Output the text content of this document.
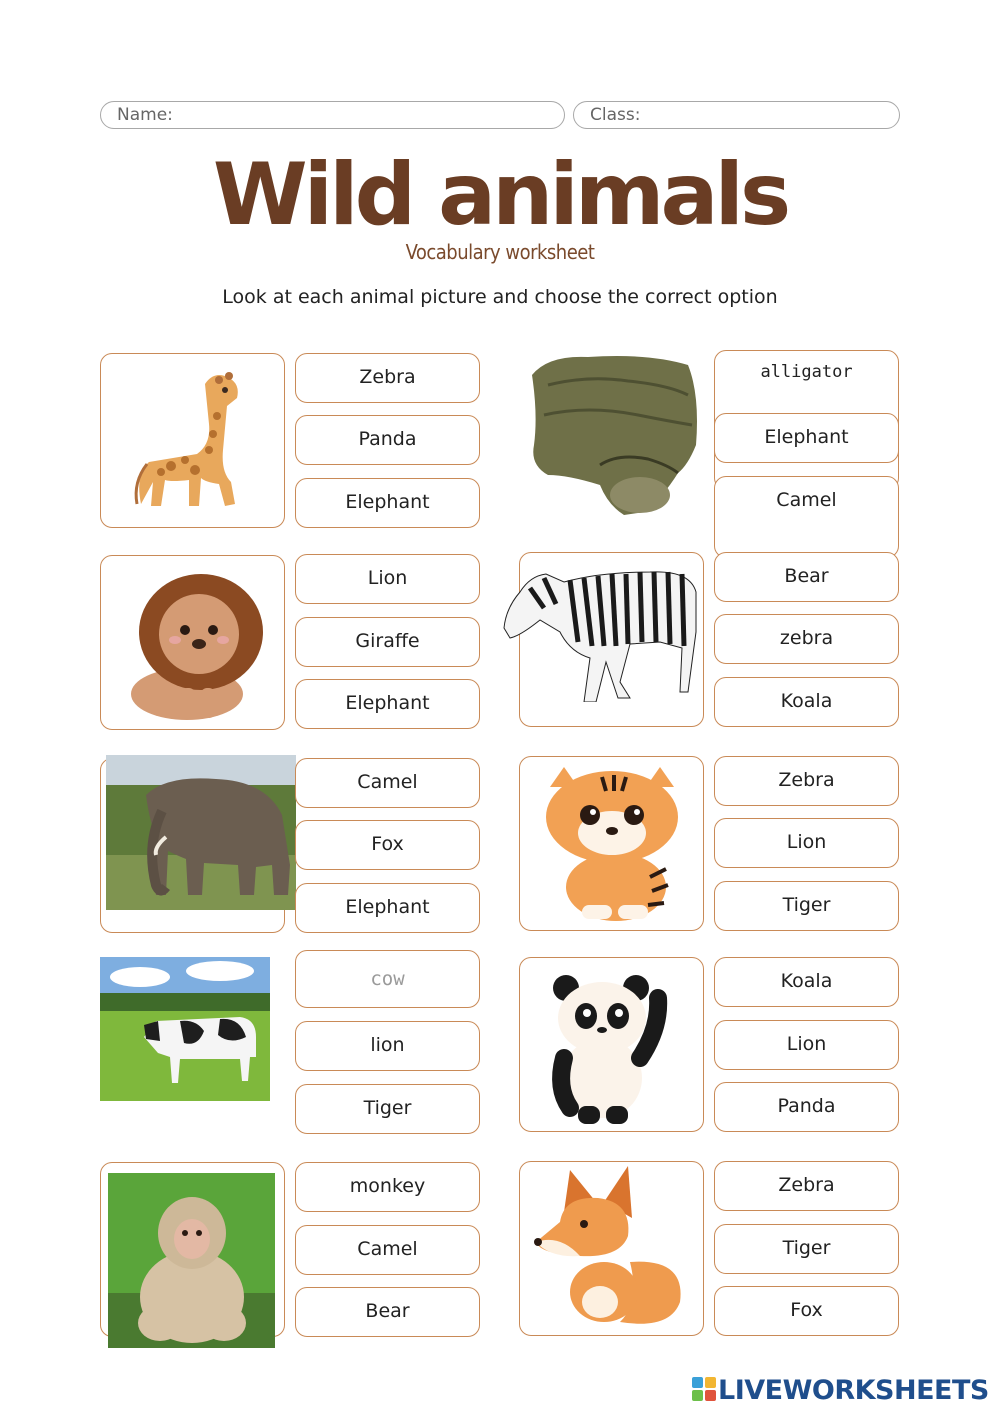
Name:	Class:
Wild animals
Vocabulary worksheet
Look at each animal picture and choose the correct option
Zebra
Panda
Elephant
alligator
Elephant
Camel
Lion
Giraffe
Elephant
Bear
zebra
Koala
Camel
Fox
Elephant
Zebra
Lion
Tiger
cow
lion
Tiger
Koala
Lion
Panda
monkey
Camel
Bear
Zebra
Tiger
Fox
LIVEWORKSHEETS
